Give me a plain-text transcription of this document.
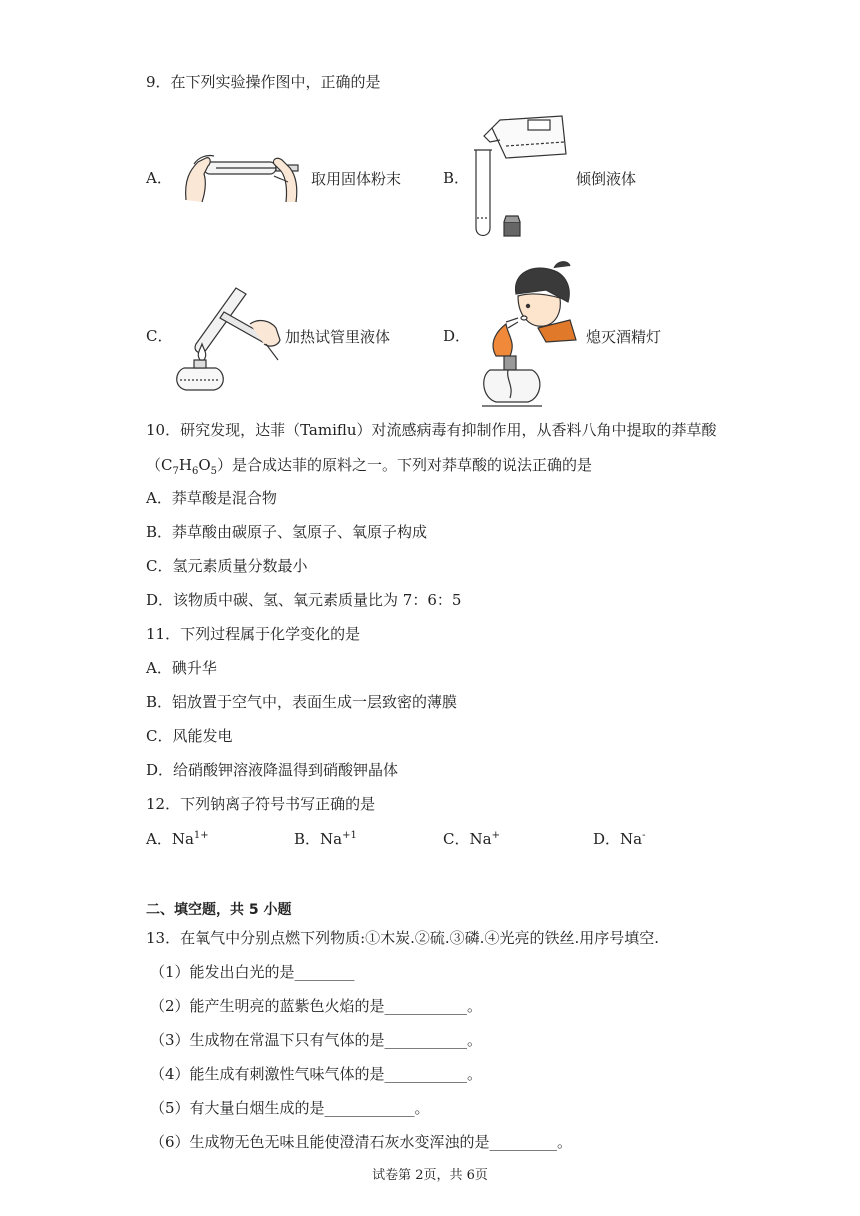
9．在下列实验操作图中，正确的是
A．	取用固体粉末	B．	倾倒液体
C．	加热试管里液体	D．	熄灭酒精灯
10．研究发现，达菲（Tamiflu）对流感病毒有抑制作用，从香料八角中提取的莽草酸
$(C_7H_6O_5)$是合成达菲的原料之一。下列对莽草酸的说法正确的是
A．莽草酸是混合物
B．莽草酸由碳原子、氢原子、氧原子构成
C．氢元素质量分数最小
D．该物质中碳、氢、氧元素质量比为 7：6：5
11．下列过程属于化学变化的是
A．碘升华
B．铝放置于空气中，表面生成一层致密的薄膜
C．风能发电
D．给硝酸钾溶液降温得到硝酸钾晶体
12．下列钠离子符号书写正确的是
A．$Na^{1+}$	B．$Na^{+1}$	C．Na+	D．Na-
二、填空题，共 5 小题
13．在氧气中分别点燃下列物质:①木炭.②硫.③磷.④光亮的铁丝.用序号填空.
（1）能发出白光的是________
（2）能产生明亮的蓝紫色火焰的是___________。
（3）生成物在常温下只有气体的是___________。
（4）能生成有刺激性气味气体的是___________。
（5）有大量白烟生成的是____________。
（6）生成物无色无味且能使澄清石灰水变浑浊的是_________。
试卷第 2页，共 6页
